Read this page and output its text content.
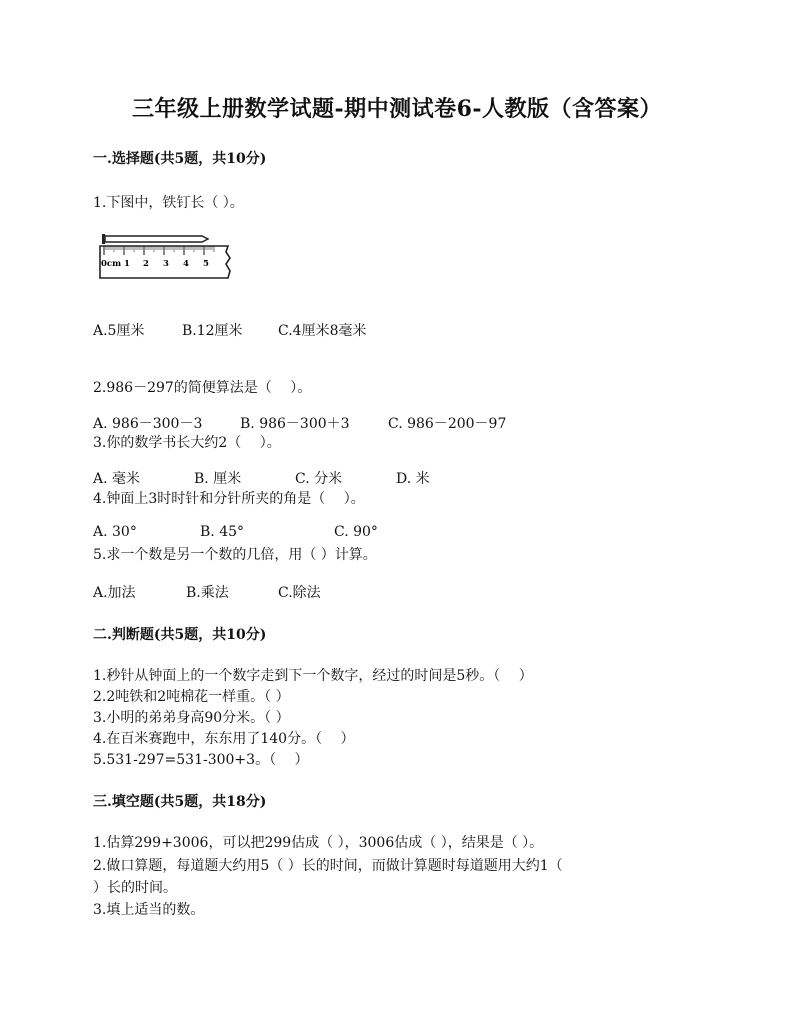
三年级上册数学试题-期中测试卷6-人教版（含答案）
一.选择题(共5题，共10分)
1.下图中，铁钉长（ ）。
0cm 1 2 3 4 5
A.5厘米	B.12厘米	C.4厘米8毫米
2.986－297的简便算法是（　 ）。
A. 986－300－3	B. 986－300＋3	C. 986－200－97
3.你的数学书长大约2（　 ）。
A. 毫米	B. 厘米	C. 分米	D. 米
4.钟面上3时时针和分针所夹的角是（　 ）。
A. 30°	B. 45°	C. 90°
5.求一个数是另一个数的几倍，用（ ）计算。
A.加法	B.乘法	C.除法
二.判断题(共5题，共10分)
1.秒针从钟面上的一个数字走到下一个数字，经过的时间是5秒。（　 ）
2.2吨铁和2吨棉花一样重。（ ）
3.小明的弟弟身高90分米。（ ）
4.在百米赛跑中，东东用了140分。（　 ）
5.531-297=531-300+3。（　 ）
三.填空题(共5题，共18分)
1.估算299+3006，可以把299估成（ ），3006估成（ ），结果是（ ）。
2.做口算题，每道题大约用5（ ）长的时间，而做计算题时每道题用大约1（
）长的时间。
3.填上适当的数。
